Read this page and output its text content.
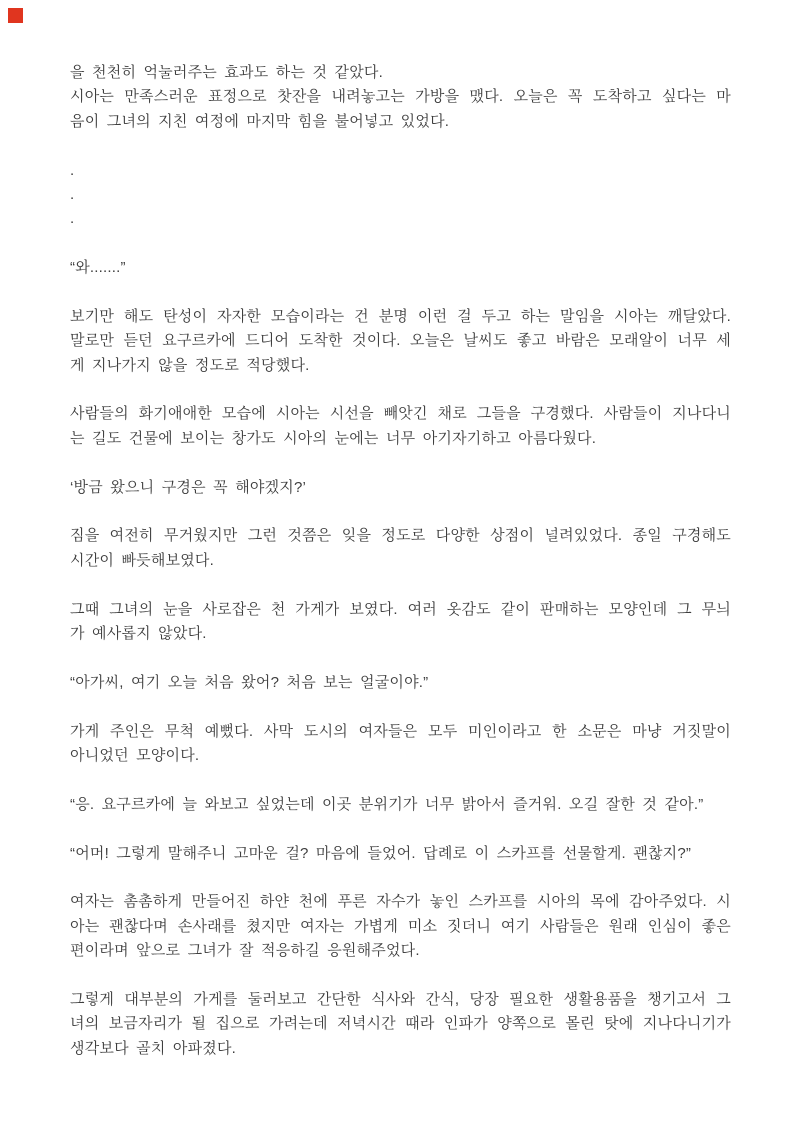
을 천천히 억눌러주는 효과도 하는 것 같았다.
시아는 만족스러운 표정으로 찻잔을 내려놓고는 가방을 맸다. 오늘은 꼭 도착하고 싶다는 마
음이 그녀의 지친 여정에 마지막 힘을 불어넣고 있었다.
.
.
.
“와.......”
보기만 해도 탄성이 자자한 모습이라는 건 분명 이런 걸 두고 하는 말임을 시아는 깨달았다.
말로만 듣던 요구르카에 드디어 도착한 것이다. 오늘은 날씨도 좋고 바람은 모래알이 너무 세
게 지나가지 않을 정도로 적당했다.
사람들의 화기애애한 모습에 시아는 시선을 빼앗긴 채로 그들을 구경했다. 사람들이 지나다니
는 길도 건물에 보이는 창가도 시아의 눈에는 너무 아기자기하고 아름다웠다.
‘방금 왔으니 구경은 꼭 해야겠지?’
짐을 여전히 무거웠지만 그런 것쯤은 잊을 정도로 다양한 상점이 널려있었다. 종일 구경해도
시간이 빠듯해보였다.
그때 그녀의 눈을 사로잡은 천 가게가 보였다. 여러 옷감도 같이 판매하는 모양인데 그 무늬
가 예사롭지 않았다.
“아가씨, 여기 오늘 처음 왔어? 처음 보는 얼굴이야.”
가게 주인은 무척 예뻤다. 사막 도시의 여자들은 모두 미인이라고 한 소문은 마냥 거짓말이
아니었던 모양이다.
“응. 요구르카에 늘 와보고 싶었는데 이곳 분위기가 너무 밝아서 즐거워. 오길 잘한 것 같아.”
“어머! 그렇게 말해주니 고마운 걸? 마음에 들었어. 답례로 이 스카프를 선물할게. 괜찮지?”
여자는 촘촘하게 만들어진 하얀 천에 푸른 자수가 놓인 스카프를 시아의 목에 감아주었다. 시
아는 괜찮다며 손사래를 쳤지만 여자는 가볍게 미소 짓더니 여기 사람들은 원래 인심이 좋은
편이라며 앞으로 그녀가 잘 적응하길 응원해주었다.
그렇게 대부분의 가게를 둘러보고 간단한 식사와 간식, 당장 필요한 생활용품을 챙기고서 그
녀의 보금자리가 될 집으로 가려는데 저녁시간 때라 인파가 양쪽으로 몰린 탓에 지나다니기가
생각보다 골치 아파졌다.
